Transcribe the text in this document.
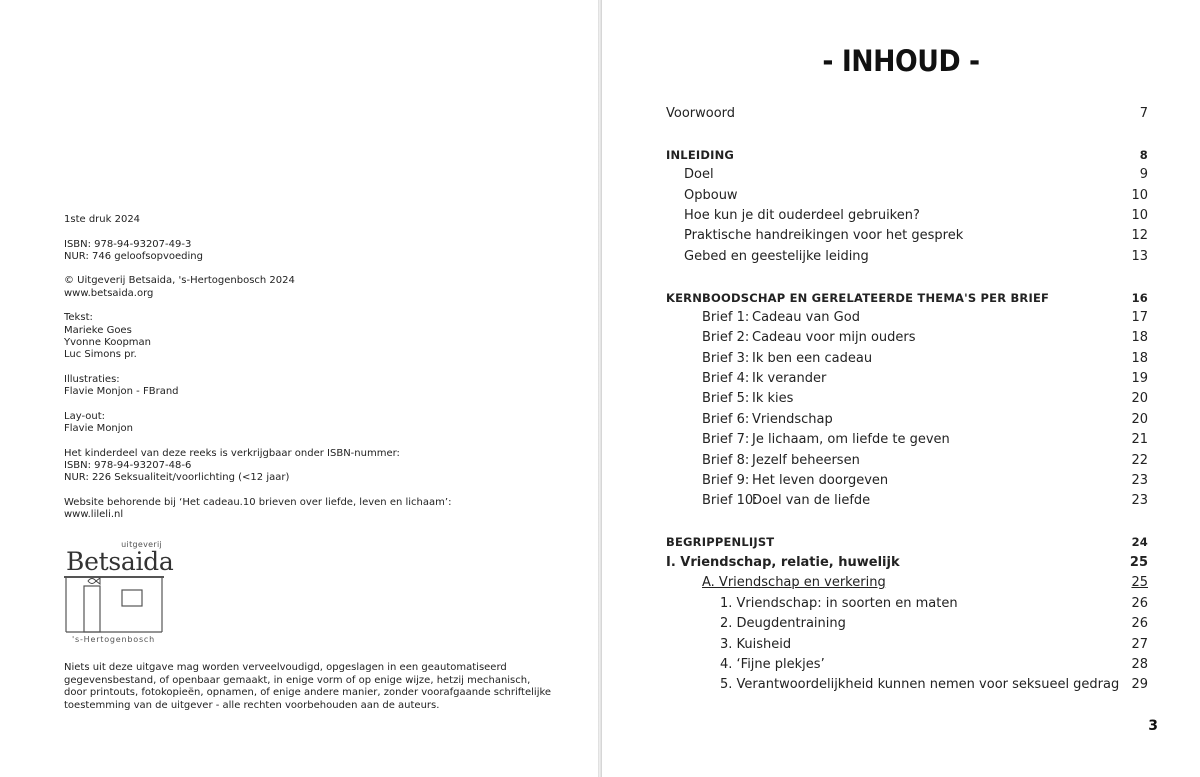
1ste druk 2024
ISBN: 978-94-93207-49-3
NUR: 746 geloofsopvoeding
© Uitgeverij Betsaida, 's-Hertogenbosch 2024
www.betsaida.org
Tekst:
Marieke Goes
Yvonne Koopman
Luc Simons pr.
Illustraties:
Flavie Monjon - FBrand
Lay-out:
Flavie Monjon
Het kinderdeel van deze reeks is verkrijgbaar onder ISBN-nummer:
ISBN: 978-94-93207-48-6
NUR: 226 Seksualiteit/voorlichting (<12 jaar)
Website behorende bij ‘Het cadeau.10 brieven over liefde, leven en lichaam’:
www.lileli.nl
uitgeverij
Betsaida
's-Hertogenbosch
Niets uit deze uitgave mag worden verveelvoudigd, opgeslagen in een geautomatiseerd gegevensbestand, of openbaar gemaakt, in enige vorm of op enige wijze, hetzij mechanisch, door printouts, fotokopieën, opnamen, of enige andere manier, zonder voorafgaande schriftelijke toestemming van de uitgever - alle rechten voorbehouden aan de auteurs.
- INHOUD -
Voorwoord	7
INLEIDING	8
Doel	9
Opbouw	10
Hoe kun je dit ouderdeel gebruiken?	10
Praktische handreikingen voor het gesprek	12
Gebed en geestelijke leiding	13
KERNBOODSCHAP EN GERELATEERDE THEMA'S PER BRIEF	16
Brief 1: Cadeau van God	17
Brief 2: Cadeau voor mijn ouders	18
Brief 3: Ik ben een cadeau	18
Brief 4: Ik verander	19
Brief 5: Ik kies	20
Brief 6: Vriendschap	20
Brief 7: Je lichaam, om liefde te geven	21
Brief 8: Jezelf beheersen	22
Brief 9: Het leven doorgeven	23
Brief 10:Doel van de liefde	23
BEGRIPPENLIJST	24
I. Vriendschap, relatie, huwelijk	25
A. Vriendschap en verkering	25
1. Vriendschap: in soorten en maten	26
2. Deugdentraining	26
3. Kuisheid	27
4. ‘Fijne plekjes’	28
5. Verantwoordelijkheid kunnen nemen voor seksueel gedrag 29
3
